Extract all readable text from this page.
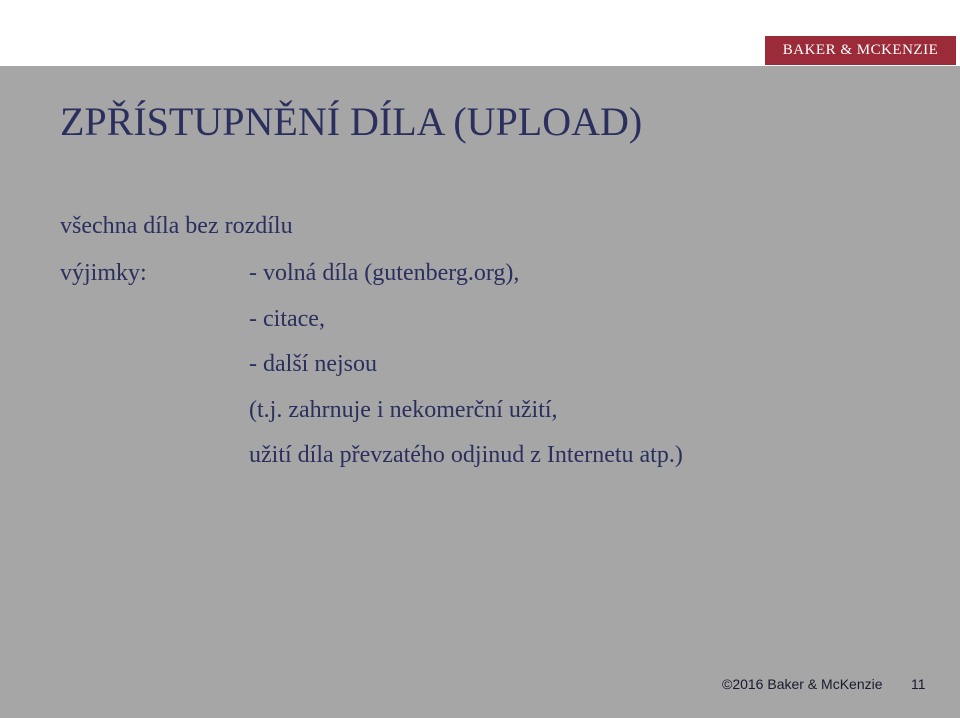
BAKER & MCKENZIE
ZPŘÍSTUPNĚNÍ DÍLA (UPLOAD)
všechna díla bez rozdílu
výjimky:	- volná díla (gutenberg.org),
- citace,
- další nejsou
(t.j. zahrnuje i nekomerční užití,
užití díla převzatého odjinud z Internetu atp.)
©2016 Baker & McKenzie 11
